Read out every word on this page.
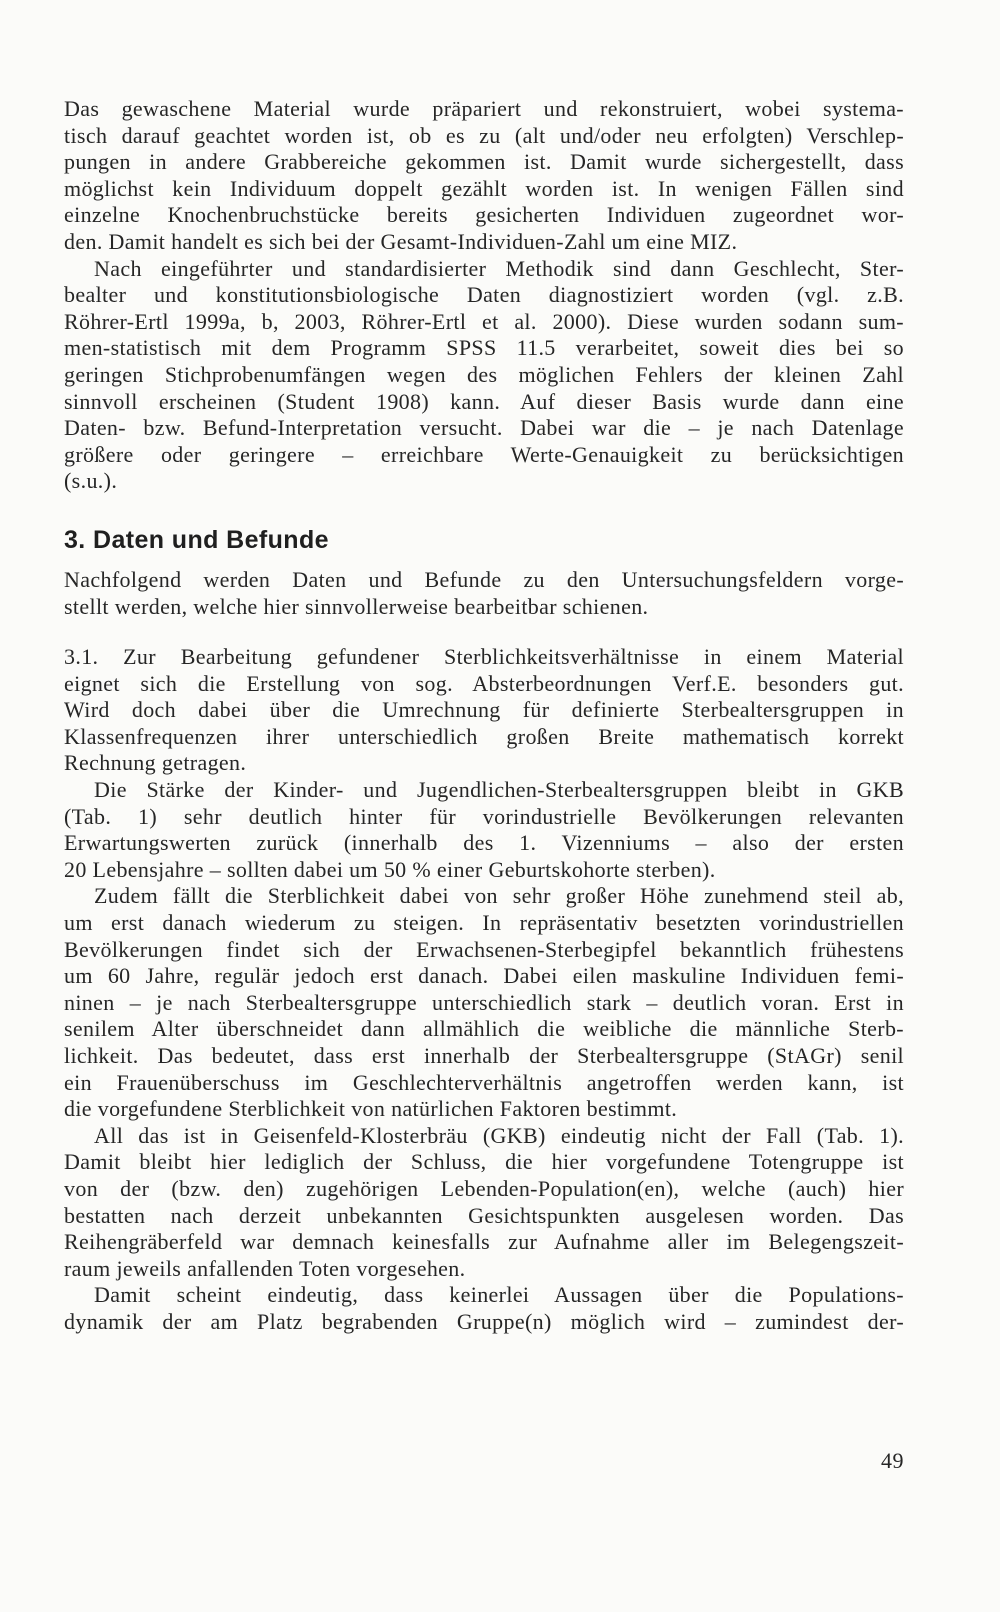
Das gewaschene Material wurde präpariert und rekonstruiert, wobei systema-
tisch darauf geachtet worden ist, ob es zu (alt und/oder neu erfolgten) Verschlep-
pungen in andere Grabbereiche gekommen ist. Damit wurde sichergestellt, dass
möglichst kein Individuum doppelt gezählt worden ist. In wenigen Fällen sind
einzelne Knochenbruchstücke bereits gesicherten Individuen zugeordnet wor-
den. Damit handelt es sich bei der Gesamt-Individuen-Zahl um eine MIZ.
Nach eingeführter und standardisierter Methodik sind dann Geschlecht, Ster-
bealter und konstitutionsbiologische Daten diagnostiziert worden (vgl. z.B.
Röhrer-Ertl 1999a, b, 2003, Röhrer-Ertl et al. 2000). Diese wurden sodann sum-
men-statistisch mit dem Programm SPSS 11.5 verarbeitet, soweit dies bei so
geringen Stichprobenumfängen wegen des möglichen Fehlers der kleinen Zahl
sinnvoll erscheinen (Student 1908) kann. Auf dieser Basis wurde dann eine
Daten- bzw. Befund-Interpretation versucht. Dabei war die – je nach Datenlage
größere oder geringere – erreichbare Werte-Genauigkeit zu berücksichtigen
(s.u.).
3. Daten und Befunde
Nachfolgend werden Daten und Befunde zu den Untersuchungsfeldern vorge-
stellt werden, welche hier sinnvollerweise bearbeitbar schienen.
3.1. Zur Bearbeitung gefundener Sterblichkeitsverhältnisse in einem Material
eignet sich die Erstellung von sog. Absterbeordnungen Verf.E. besonders gut.
Wird doch dabei über die Umrechnung für definierte Sterbealtersgruppen in
Klassenfrequenzen ihrer unterschiedlich großen Breite mathematisch korrekt
Rechnung getragen.
Die Stärke der Kinder- und Jugendlichen-Sterbealtersgruppen bleibt in GKB
(Tab. 1) sehr deutlich hinter für vorindustrielle Bevölkerungen relevanten
Erwartungswerten zurück (innerhalb des 1. Vizenniums – also der ersten
20 Lebensjahre – sollten dabei um 50 % einer Geburtskohorte sterben).
Zudem fällt die Sterblichkeit dabei von sehr großer Höhe zunehmend steil ab,
um erst danach wiederum zu steigen. In repräsentativ besetzten vorindustriellen
Bevölkerungen findet sich der Erwachsenen-Sterbegipfel bekanntlich frühestens
um 60 Jahre, regulär jedoch erst danach. Dabei eilen maskuline Individuen femi-
ninen – je nach Sterbealtersgruppe unterschiedlich stark – deutlich voran. Erst in
senilem Alter überschneidet dann allmählich die weibliche die männliche Sterb-
lichkeit. Das bedeutet, dass erst innerhalb der Sterbealtersgruppe (StAGr) senil
ein Frauenüberschuss im Geschlechterverhältnis angetroffen werden kann, ist
die vorgefundene Sterblichkeit von natürlichen Faktoren bestimmt.
All das ist in Geisenfeld-Klosterbräu (GKB) eindeutig nicht der Fall (Tab. 1).
Damit bleibt hier lediglich der Schluss, die hier vorgefundene Totengruppe ist
von der (bzw. den) zugehörigen Lebenden-Population(en), welche (auch) hier
bestatten nach derzeit unbekannten Gesichtspunkten ausgelesen worden. Das
Reihengräberfeld war demnach keinesfalls zur Aufnahme aller im Belegengszeit-
raum jeweils anfallenden Toten vorgesehen.
Damit scheint eindeutig, dass keinerlei Aussagen über die Populations-
dynamik der am Platz begrabenden Gruppe(n) möglich wird – zumindest der-
49
